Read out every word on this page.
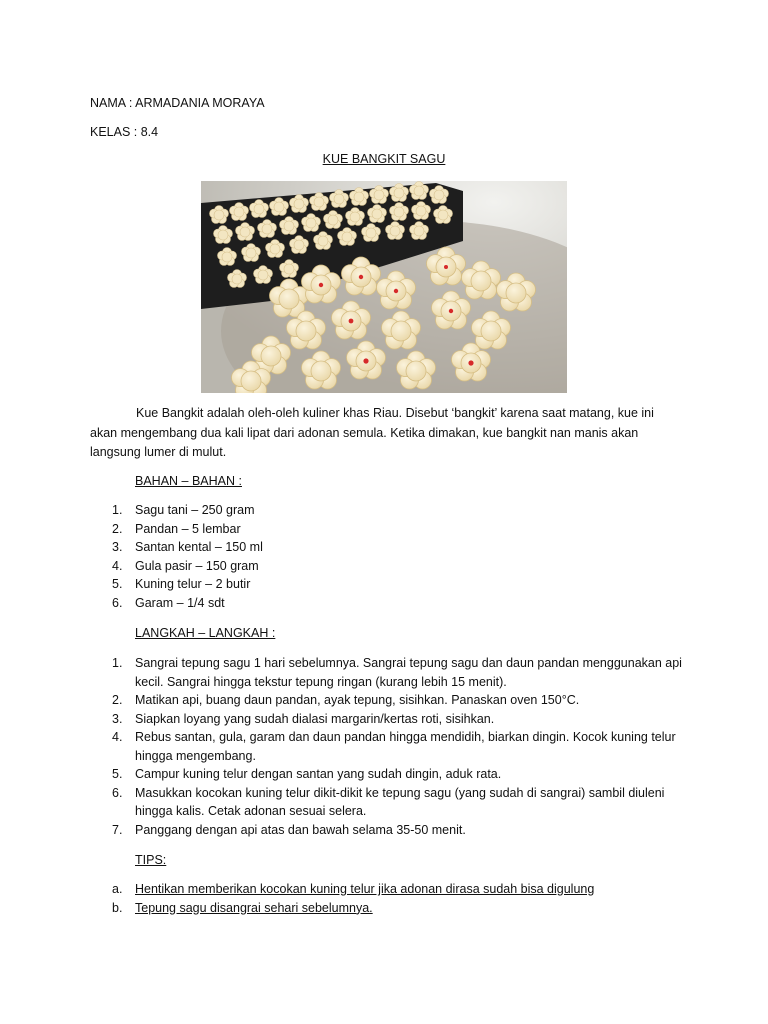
NAMA : ARMADANIA MORAYA
KELAS : 8.4
KUE BANGKIT SAGU
Kue Bangkit adalah oleh-oleh kuliner khas Riau. Disebut ‘bangkit’ karena saat matang, kue ini
akan mengembang dua kali lipat dari adonan semula. Ketika dimakan, kue bangkit nan manis akan
langsung lumer di mulut.
BAHAN – BAHAN :
1. Sagu tani – 250 gram
2. Pandan – 5 lembar
3. Santan kental – 150 ml
4. Gula pasir – 150 gram
5. Kuning telur – 2 butir
6. Garam – 1/4 sdt
LANGKAH – LANGKAH :
1. Sangrai tepung sagu 1 hari sebelumnya. Sangrai tepung sagu dan daun pandan menggunakan api
kecil. Sangrai hingga tekstur tepung ringan (kurang lebih 15 menit).
2. Matikan api, buang daun pandan, ayak tepung, sisihkan. Panaskan oven 150°C.
3. Siapkan loyang yang sudah dialasi margarin/kertas roti, sisihkan.
4. Rebus santan, gula, garam dan daun pandan hingga mendidih, biarkan dingin. Kocok kuning telur
hingga mengembang.
5. Campur kuning telur dengan santan yang sudah dingin, aduk rata.
6. Masukkan kocokan kuning telur dikit-dikit ke tepung sagu (yang sudah di sangrai) sambil diuleni
hingga kalis. Cetak adonan sesuai selera.
7. Panggang dengan api atas dan bawah selama 35-50 menit.
TIPS:
a. Hentikan memberikan kocokan kuning telur jika adonan dirasa sudah bisa digulung
b. Tepung sagu disangrai sehari sebelumnya.
